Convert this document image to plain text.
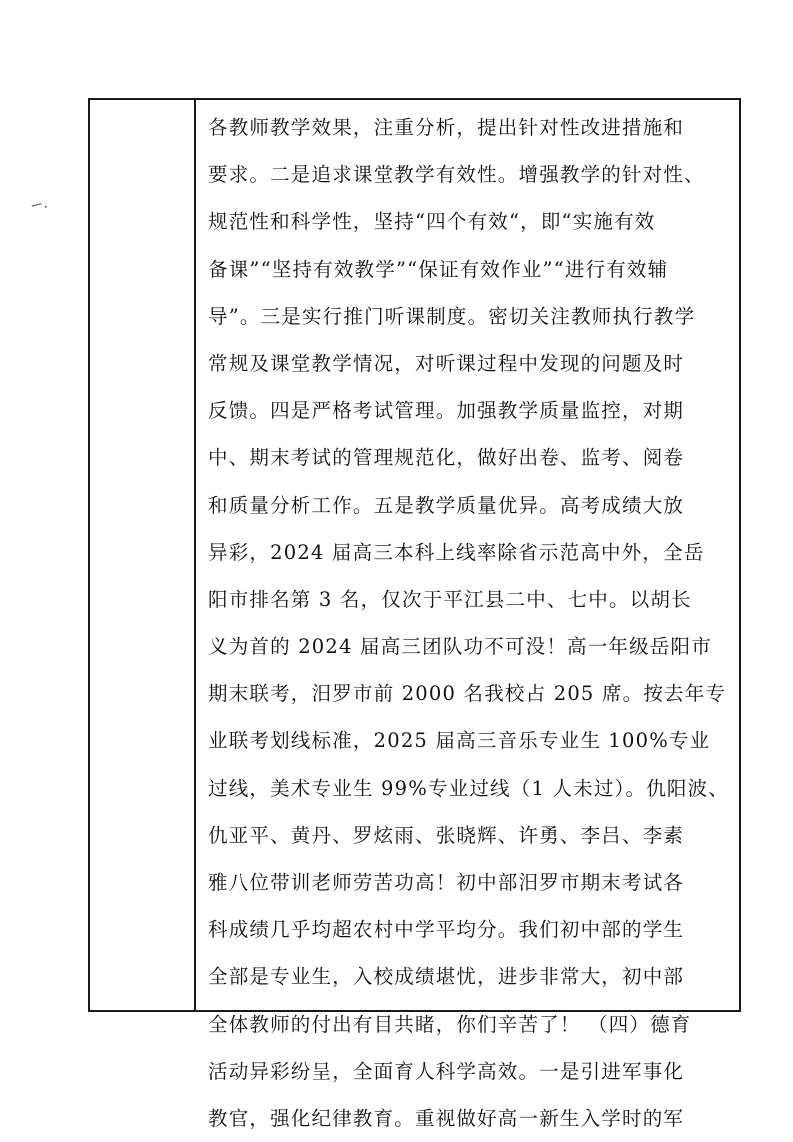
ー.
各教师教学效果，注重分析，提出针对性改进措施和
要求。二是追求课堂教学有效性。增强教学的针对性、
规范性和科学性，坚持“四个有效“，即“实施有效
备课”“坚持有效教学”“保证有效作业”“进行有效辅
导”。三是实行推门听课制度。密切关注教师执行教学
常规及课堂教学情况，对听课过程中发现的问题及时
反馈。四是严格考试管理。加强教学质量监控，对期
中、期末考试的管理规范化，做好出卷、监考、阅卷
和质量分析工作。五是教学质量优异。高考成绩大放
异彩，2024 届高三本科上线率除省示范高中外，全岳
阳市排名第 3 名，仅次于平江县二中、七中。以胡长
义为首的 2024 届高三团队功不可没！高一年级岳阳市
期末联考，汨罗市前 2000 名我校占 205 席。按去年专
业联考划线标准，2025 届高三音乐专业生 100%专业
过线，美术专业生 99%专业过线（1 人未过）。仇阳波、
仇亚平、黄丹、罗炫雨、张晓辉、许勇、李吕、李素
雅八位带训老师劳苦功高！初中部汨罗市期末考试各
科成绩几乎均超农村中学平均分。我们初中部的学生
全部是专业生，入校成绩堪忧，进步非常大，初中部
全体教师的付出有目共睹，你们辛苦了！ （四）德育
活动异彩纷呈，全面育人科学高效。一是引进军事化
教官，强化纪律教育。重视做好高一新生入学时的军
